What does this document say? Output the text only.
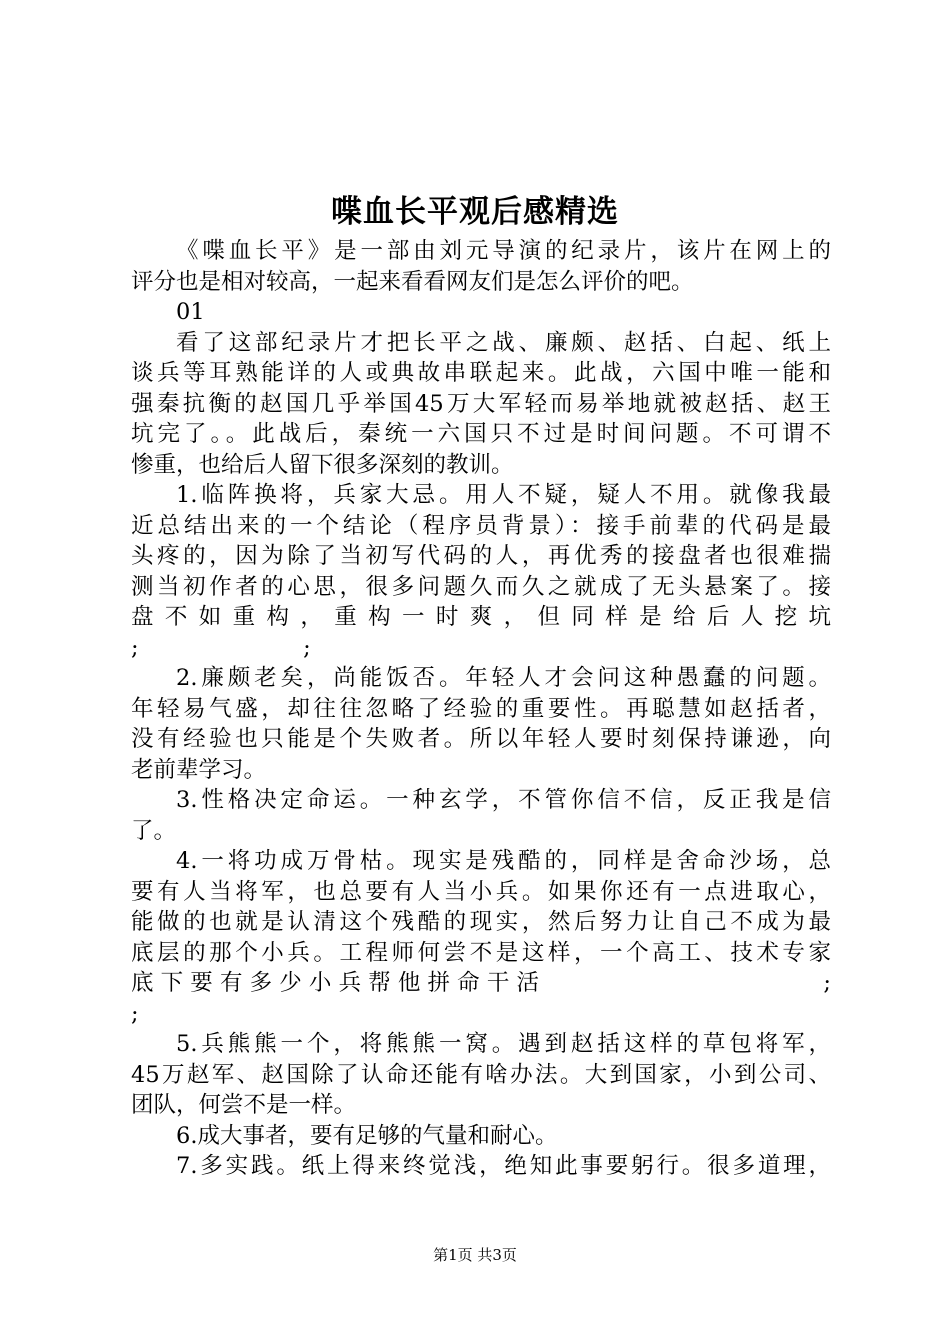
喋血长平观后感精选
《喋血长平》是一部由刘元导演的纪录片，该片在网上的
评分也是相对较高，一起来看看网友们是怎么评价的吧。
01
看了这部纪录片才把长平之战、廉颇、赵括、白起、纸上
谈兵等耳熟能详的人或典故串联起来。此战，六国中唯一能和
强秦抗衡的赵国几乎举国45万大军轻而易举地就被赵括、赵王
坑完了。。此战后，秦统一六国只不过是时间问题。不可谓不
惨重，也给后人留下很多深刻的教训。
1.临阵换将，兵家大忌。用人不疑，疑人不用。就像我最
近总结出来的一个结论（程序员背景）：接手前辈的代码是最
头疼的，因为除了当初写代码的人，再优秀的接盘者也很难揣
测当初作者的心思，很多问题久而久之就成了无头悬案了。接
盘 不 如 重 构 ， 重 构 一 时 爽 ， 但 同 样 是 给 后 人 挖 坑
;                       ;
2.廉颇老矣，尚能饭否。年轻人才会问这种愚蠢的问题。
年轻易气盛，却往往忽略了经验的重要性。再聪慧如赵括者，
没有经验也只能是个失败者。所以年轻人要时刻保持谦逊，向
老前辈学习。
3.性格决定命运。一种玄学，不管你信不信，反正我是信
了。
4.一将功成万骨枯。现实是残酷的，同样是舍命沙场，总
要有人当将军，也总要有人当小兵。如果你还有一点进取心，
能做的也就是认清这个残酷的现实，然后努力让自己不成为最
底层的那个小兵。工程师何尝不是这样，一个高工、技术专家
底 下 要 有 多 少 小 兵 帮 他 拼 命 干 活	;
;
5.兵熊熊一个，将熊熊一窝。遇到赵括这样的草包将军，
45万赵军、赵国除了认命还能有啥办法。大到国家，小到公司、
团队，何尝不是一样。
6.成大事者，要有足够的气量和耐心。
7.多实践。纸上得来终觉浅，绝知此事要躬行。很多道理，
第1页 共3页
